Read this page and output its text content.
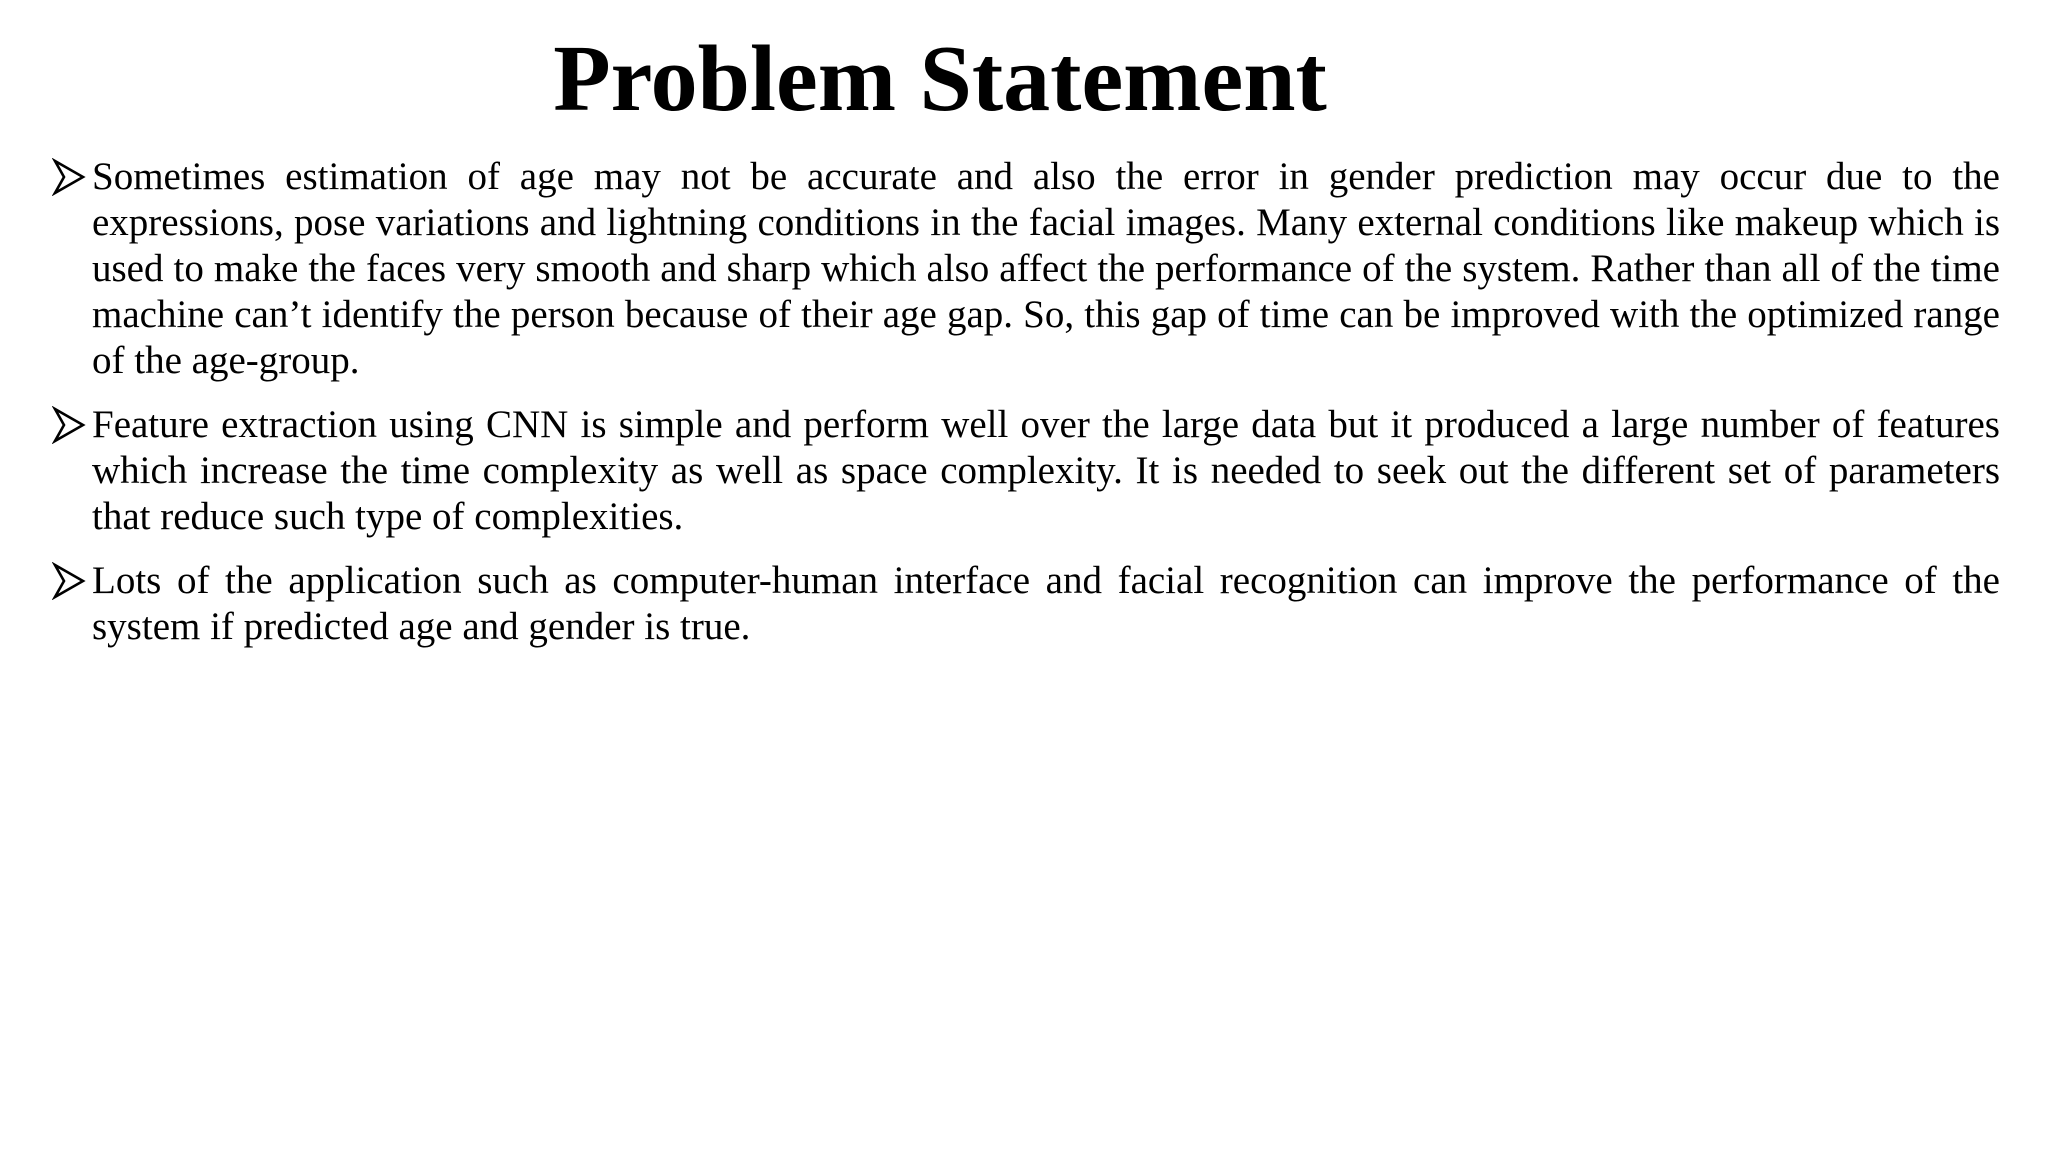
Problem Statement
Sometimes estimation of age may not be accurate and also the error in gender prediction may occur due to the expressions, pose variations and lightning conditions in the facial images. Many external conditions like makeup which is used to make the faces very smooth and sharp which also affect the performance of the system. Rather than all of the time machine can’t identify the person because of their age gap. So, this gap of time can be improved with the optimized range of the age-group.
Feature extraction using CNN is simple and perform well over the large data but it produced a large number of features which increase the time complexity as well as space complexity. It is needed to seek out the different set of parameters that reduce such type of complexities.
Lots of the application such as computer-human interface and facial recognition can improve the performance of the system if predicted age and gender is true.
